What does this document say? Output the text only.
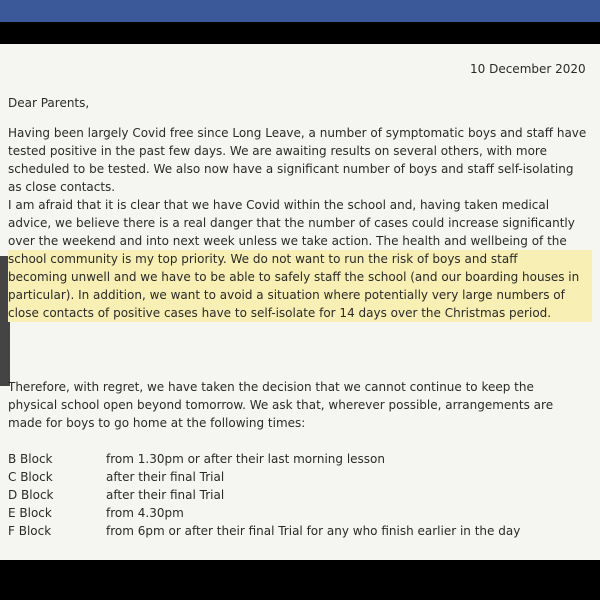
10 December 2020
Dear Parents,
Having been largely Covid free since Long Leave, a number of symptomatic boys and staff have
tested positive in the past few days. We are awaiting results on several others, with more
scheduled to be tested. We also now have a significant number of boys and staff self-isolating
as close contacts.
I am afraid that it is clear that we have Covid within the school and, having taken medical
advice, we believe there is a real danger that the number of cases could increase significantly
over the weekend and into next week unless we take action. The health and wellbeing of the
school community is my top priority. We do not want to run the risk of boys and staff
becoming unwell and we have to be able to safely staff the school (and our boarding houses in
particular). In addition, we want to avoid a situation where potentially very large numbers of
close contacts of positive cases have to self-isolate for 14 days over the Christmas period.
Therefore, with regret, we have taken the decision that we cannot continue to keep the
physical school open beyond tomorrow. We ask that, wherever possible, arrangements are
made for boys to go home at the following times:
B Block	from 1.30pm or after their last morning lesson
C Block	after their final Trial
D Block	after their final Trial
E Block	from 4.30pm
F Block	from 6pm or after their final Trial for any who finish earlier in the day
